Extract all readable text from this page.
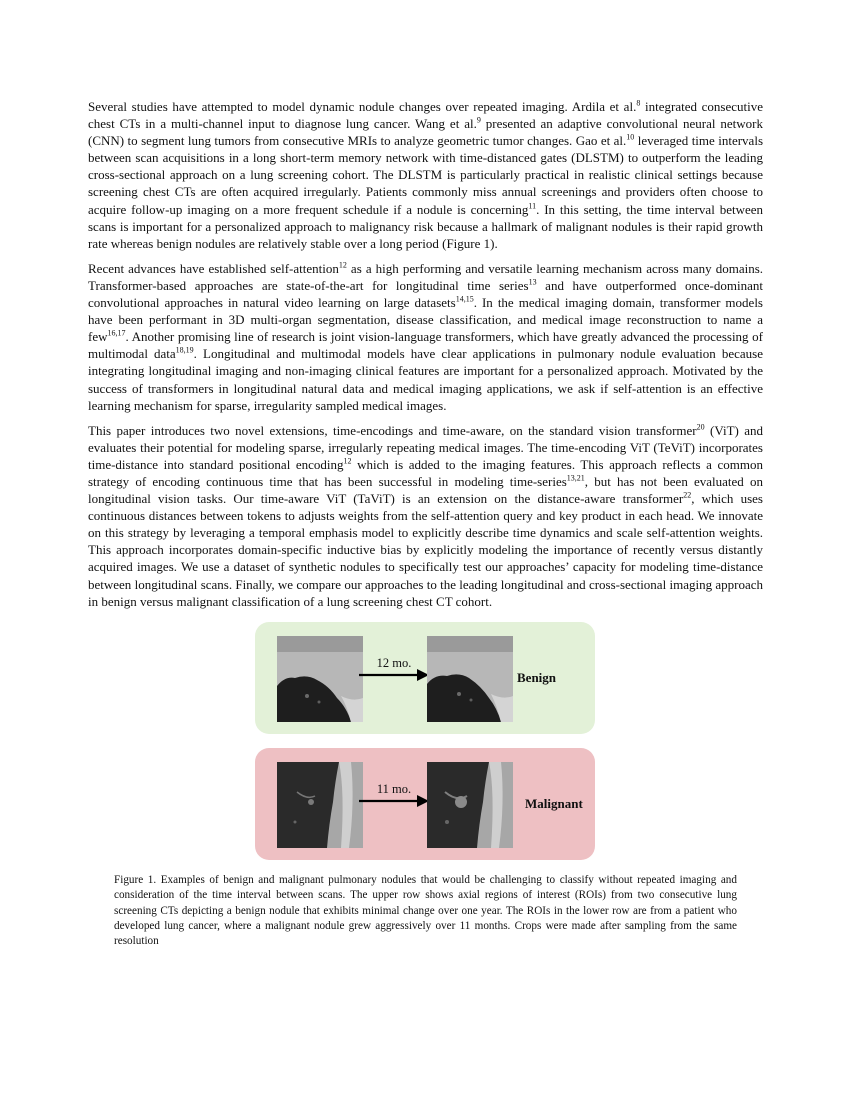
Several studies have attempted to model dynamic nodule changes over repeated imaging. Ardila et al.$^8$ integrated consecutive chest CTs in a multi-channel input to diagnose lung cancer. Wang et al.$^9$ presented an adaptive convolutional neural network (CNN) to segment lung tumors from consecutive MRIs to analyze geometric tumor changes. Gao et al.$^{10}$ leveraged time intervals between scan acquisitions in a long short-term memory network with time-distanced gates (DLSTM) to outperform the leading cross-sectional approach on a lung screening cohort. The DLSTM is particularly practical in realistic clinical settings because screening chest CTs are often acquired irregularly. Patients commonly miss annual screenings and providers often choose to acquire follow-up imaging on a more frequent schedule if a nodule is concerning$^{11}$. In this setting, the time interval between scans is important for a personalized approach to malignancy risk because a hallmark of malignant nodules is their rapid growth rate whereas benign nodules are relatively stable over a long period (Figure 1).

Recent advances have established self-attention$^{12}$ as a high performing and versatile learning mechanism across many domains. Transformer-based approaches are state-of-the-art for longitudinal time series$^{13}$ and have outperformed once-dominant convolutional approaches in natural video learning on large datasets$^{14,15}$. In the medical imaging domain, transformer models have been performant in 3D multi-organ segmentation, disease classification, and medical image reconstruction to name a few$^{16,17}$. Another promising line of research is joint vision-language transformers, which have greatly advanced the processing of multimodal data$^{18,19}$. Longitudinal and multimodal models have clear applications in pulmonary nodule evaluation because integrating longitudinal imaging and non-imaging clinical features are important for a personalized approach. Motivated by the success of transformers in longitudinal natural data and medical imaging applications, we ask if self-attention is an effective learning mechanism for sparse, irregularity sampled medical images.

This paper introduces two novel extensions, time-encodings and time-aware, on the standard vision transformer$^{20}$ (ViT) and evaluates their potential for modeling sparse, irregularly repeating medical images. The time-encoding ViT (TeViT) incorporates time-distance into standard positional encoding$^{12}$ which is added to the imaging features. This approach reflects a common strategy of encoding continuous time that has been successful in modeling time-series$^{13,21}$, but has not been evaluated on longitudinal vision tasks. Our time-aware ViT (TaViT) is an extension on the distance-aware transformer$^{22}$, which uses continuous distances between tokens to adjusts weights from the self-attention query and key product in each head. We innovate on this strategy by leveraging a temporal emphasis model to explicitly describe time dynamics and scale self-attention weights. This approach incorporates domain-specific inductive bias by explicitly modeling the importance of recently versus distantly acquired images. We use a dataset of synthetic nodules to specifically test our approaches’ capacity for modeling time-distance between longitudinal scans. Finally, we compare our approaches to the leading longitudinal and cross-sectional imaging approach in benign versus malignant classification of a lung screening chest CT cohort.

12 mo.
Benign
11 mo.
Malignant

Figure 1. Examples of benign and malignant pulmonary nodules that would be challenging to classify without repeated imaging and consideration of the time interval between scans. The upper row shows axial regions of interest (ROIs) from two consecutive lung screening CTs depicting a benign nodule that exhibits minimal change over one year. The ROIs in the lower row are from a patient who developed lung cancer, where a malignant nodule grew aggressively over 11 months. Crops were made after sampling from the same resolution
